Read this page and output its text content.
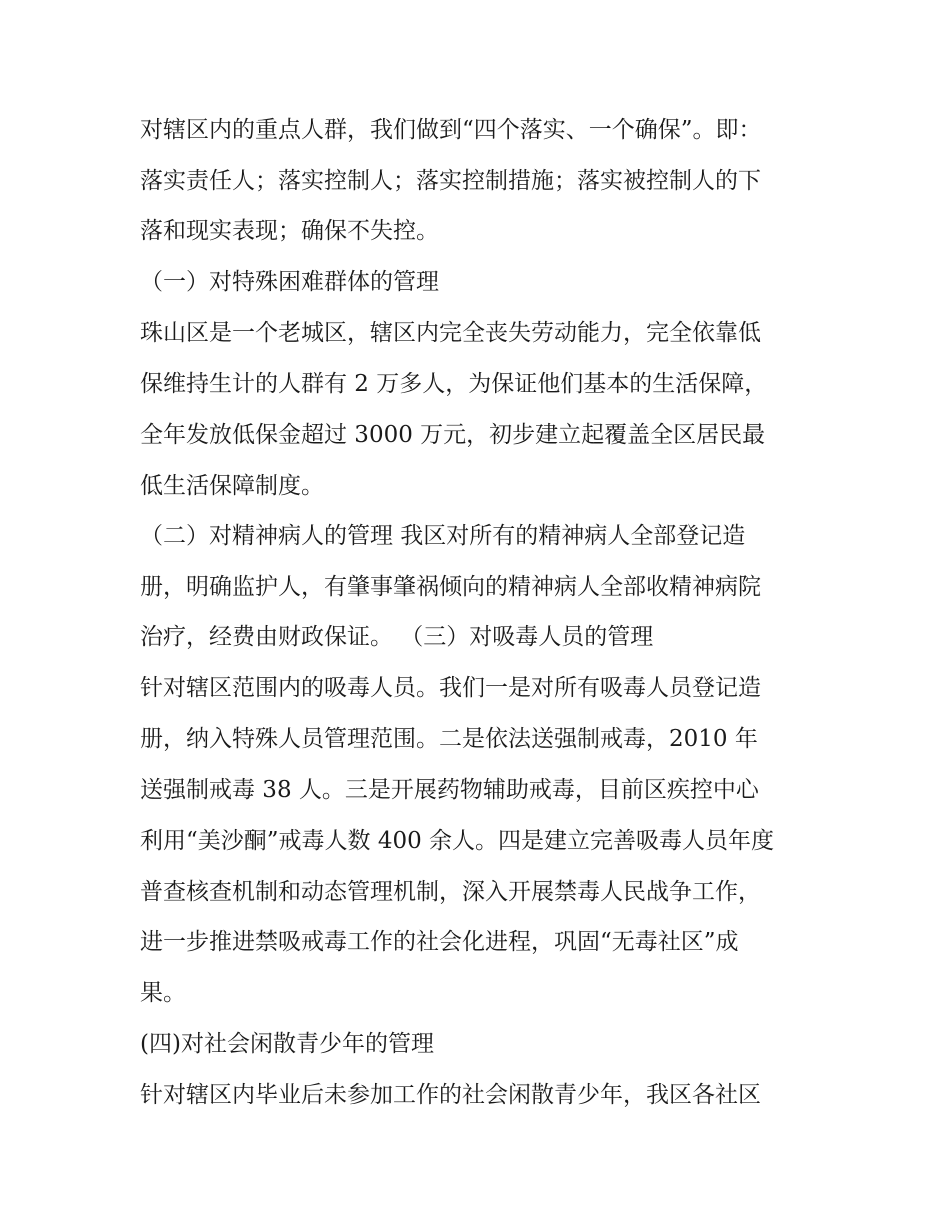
对辖区内的重点人群，我们做到“四个落实、一个确保”。即：
落实责任人；落实控制人；落实控制措施；落实被控制人的下
落和现实表现；确保不失控。
（一）对特殊困难群体的管理
珠山区是一个老城区，辖区内完全丧失劳动能力，完全依靠低
保维持生计的人群有 2 万多人，为保证他们基本的生活保障，
全年发放低保金超过 3000 万元，初步建立起覆盖全区居民最
低生活保障制度。
（二）对精神病人的管理 我区对所有的精神病人全部登记造
册，明确监护人，有肇事肇祸倾向的精神病人全部收精神病院
治疗，经费由财政保证。 （三）对吸毒人员的管理
针对辖区范围内的吸毒人员。我们一是对所有吸毒人员登记造
册，纳入特殊人员管理范围。二是依法送强制戒毒，2010 年
送强制戒毒 38 人。三是开展药物辅助戒毒，目前区疾控中心
利用“美沙酮”戒毒人数 400 余人。四是建立完善吸毒人员年度
普查核查机制和动态管理机制，深入开展禁毒人民战争工作，
进一步推进禁吸戒毒工作的社会化进程，巩固“无毒社区”成
果。
(四)对社会闲散青少年的管理
针对辖区内毕业后未参加工作的社会闲散青少年，我区各社区
